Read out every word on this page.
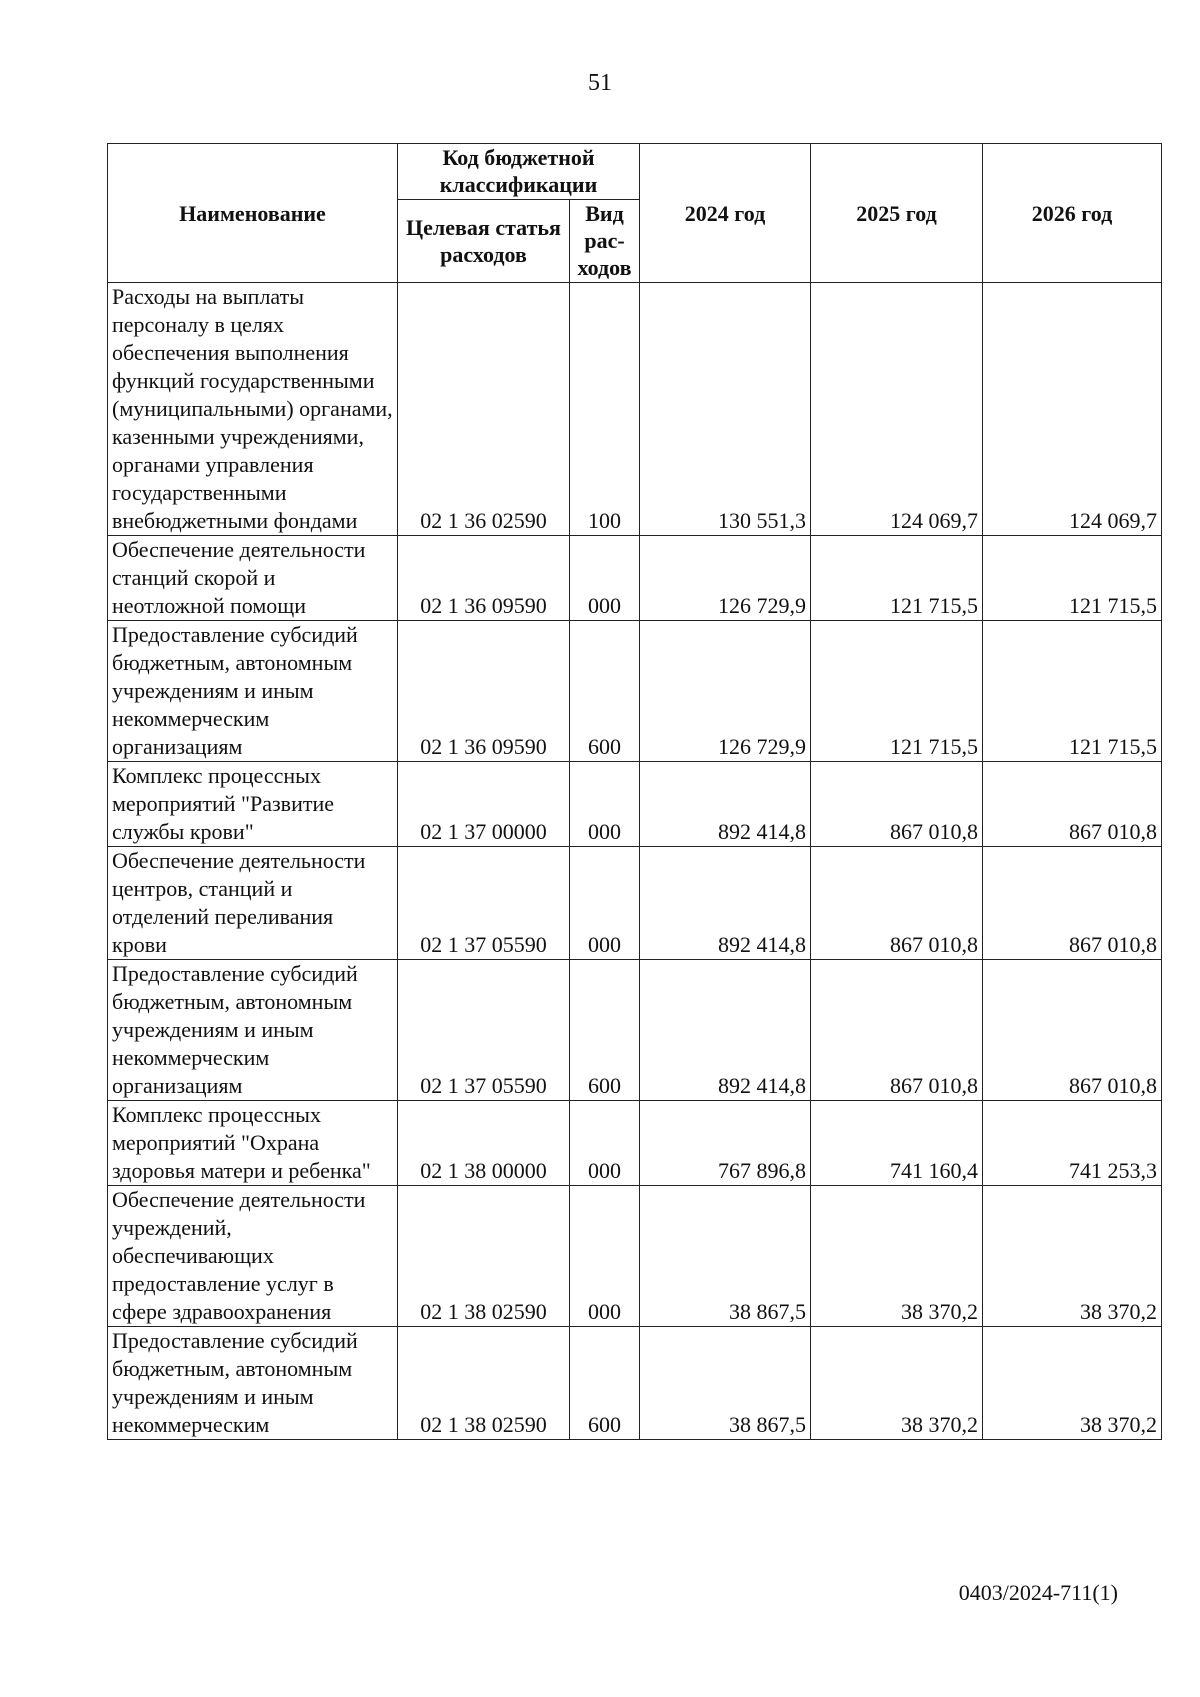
51
Наименование	Код бюджетной классификации		2024 год	2025 год	2026 год
	Целевая статья расходов	Вид рас-ходов			
Расходы на выплаты персоналу в целях обеспечения выполнения функций государственными (муниципальными) органами, казенными учреждениями, органами управления государственными внебюджетными фондами	02 1 36 02590	100	130 551,3	124 069,7	124 069,7
Обеспечение деятельности станций скорой и неотложной помощи	02 1 36 09590	000	126 729,9	121 715,5	121 715,5
Предоставление субсидий бюджетным, автономным учреждениям и иным некоммерческим организациям	02 1 36 09590	600	126 729,9	121 715,5	121 715,5
Комплекс процессных мероприятий "Развитие службы крови"	02 1 37 00000	000	892 414,8	867 010,8	867 010,8
Обеспечение деятельности центров, станций и отделений переливания крови	02 1 37 05590	000	892 414,8	867 010,8	867 010,8
Предоставление субсидий бюджетным, автономным учреждениям и иным некоммерческим организациям	02 1 37 05590	600	892 414,8	867 010,8	867 010,8
Комплекс процессных мероприятий "Охрана здоровья матери и ребенка"	02 1 38 00000	000	767 896,8	741 160,4	741 253,3
Обеспечение деятельности учреждений, обеспечивающих предоставление услуг в сфере здравоохранения	02 1 38 02590	000	38 867,5	38 370,2	38 370,2
Предоставление субсидий бюджетным, автономным учреждениям и иным некоммерческим	02 1 38 02590	600	38 867,5	38 370,2	38 370,2
0403/2024-711(1)
